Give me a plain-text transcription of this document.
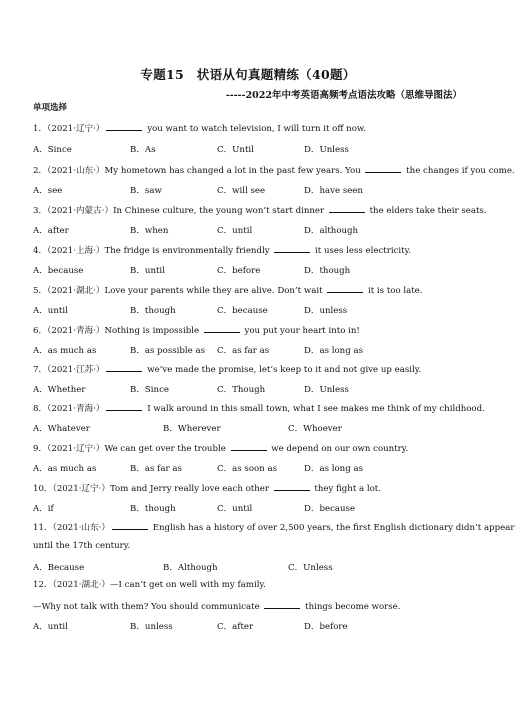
专题15　状语从句真题精练（40题）
-----2022年中考英语高频考点语法攻略（思维导图法）
单项选择
1．（2021·辽宁·）	you want to watch television, I will turn it off now.
A．Since	B．As	C．Until	D．Unless
2．（2021·山东·）My hometown has changed a lot in the past few years. You	the changes if you come.
A．see	B．saw	C．will see	D．have seen
3．（2021·内蒙古·）In Chinese culture, the young won’t start dinner	the elders take their seats.
A．after	B．when	C．until	D．although
4．（2021·上海·）The fridge is environmentally friendly	it uses less electricity.
A．because	B．until	C．before	D．though
5．（2021·湖北·）Love your parents while they are alive. Don’t wait	it is too late.
A．until	B．though	C．because	D．unless
6．（2021·青海·）Nothing is impossible	you put your heart into in!
A．as much as	B．as possible as C．as far as	D．as long as
7．（2021·江苏·）	we’ve made the promise, let’s keep to it and not give up easily.
A．Whether	B．Since	C．Though	D．Unless
8．（2021·青海·）	I walk around in this small town, what I see makes me think of my childhood.
A．Whatever	B．Wherever	C．Whoever
9．（2021·辽宁·）We can get over the trouble	we depend on our own country.
A．as much as	B．as far as	C．as soon as	D．as long as
10．（2021·辽宁·）Tom and Jerry really love each other	they fight a lot.
A．if	B．though	C．until	D．because
11．（2021·山东·）	English has a history of over 2,500 years, the first English dictionary didn’t appear
until the 17th century.
A．Because	B．Although	C．Unless
12．（2021·湖北·）—I can’t get on well with my family.
—Why not talk with them? You should communicate	things become worse.
A．until	B．unless	C．after	D．before
